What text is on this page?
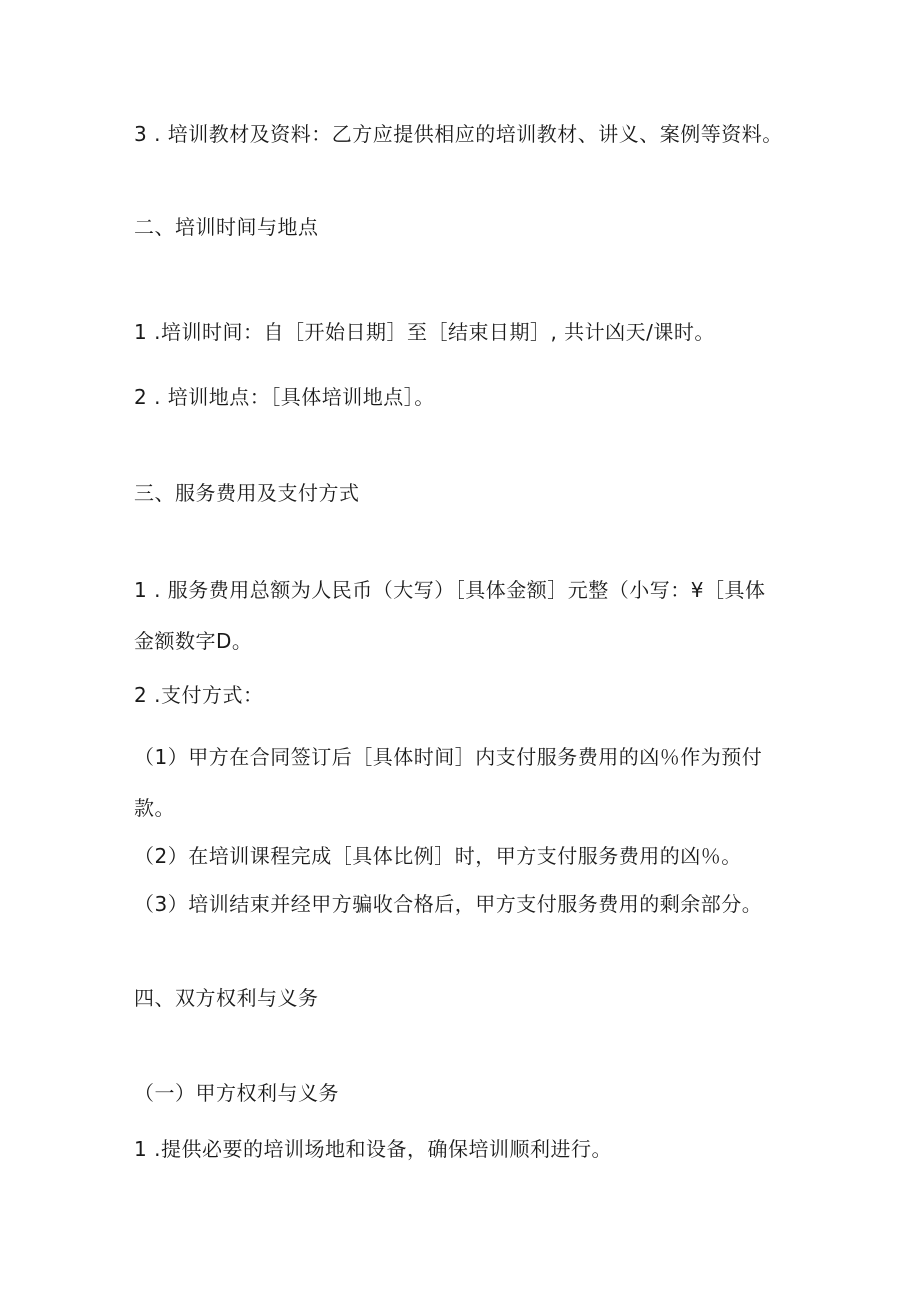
3 . 培训教材及资料：乙方应提供相应的培训教材、讲义、案例等资料。
二、培训时间与地点
1 .培训时间：自［开始日期］至［结束日期］, 共计凶天/课时。
2 . 培训地点：［具体培训地点］。
三、服务费用及支付方式
1 . 服务费用总额为人民币（大写）［具体金额］元整（小写：¥［具体
金额数字D。
2 .支付方式：
（1）甲方在合同签订后［具体时间］内支付服务费用的凶％作为预付
款。
（2）在培训课程完成［具体比例］时，甲方支付服务费用的凶％。
（3）培训结束并经甲方骗收合格后，甲方支付服务费用的剩余部分。
四、双方权利与义务
（一）甲方权利与义务
1 .提供必要的培训场地和设备，确保培训顺利进行。
